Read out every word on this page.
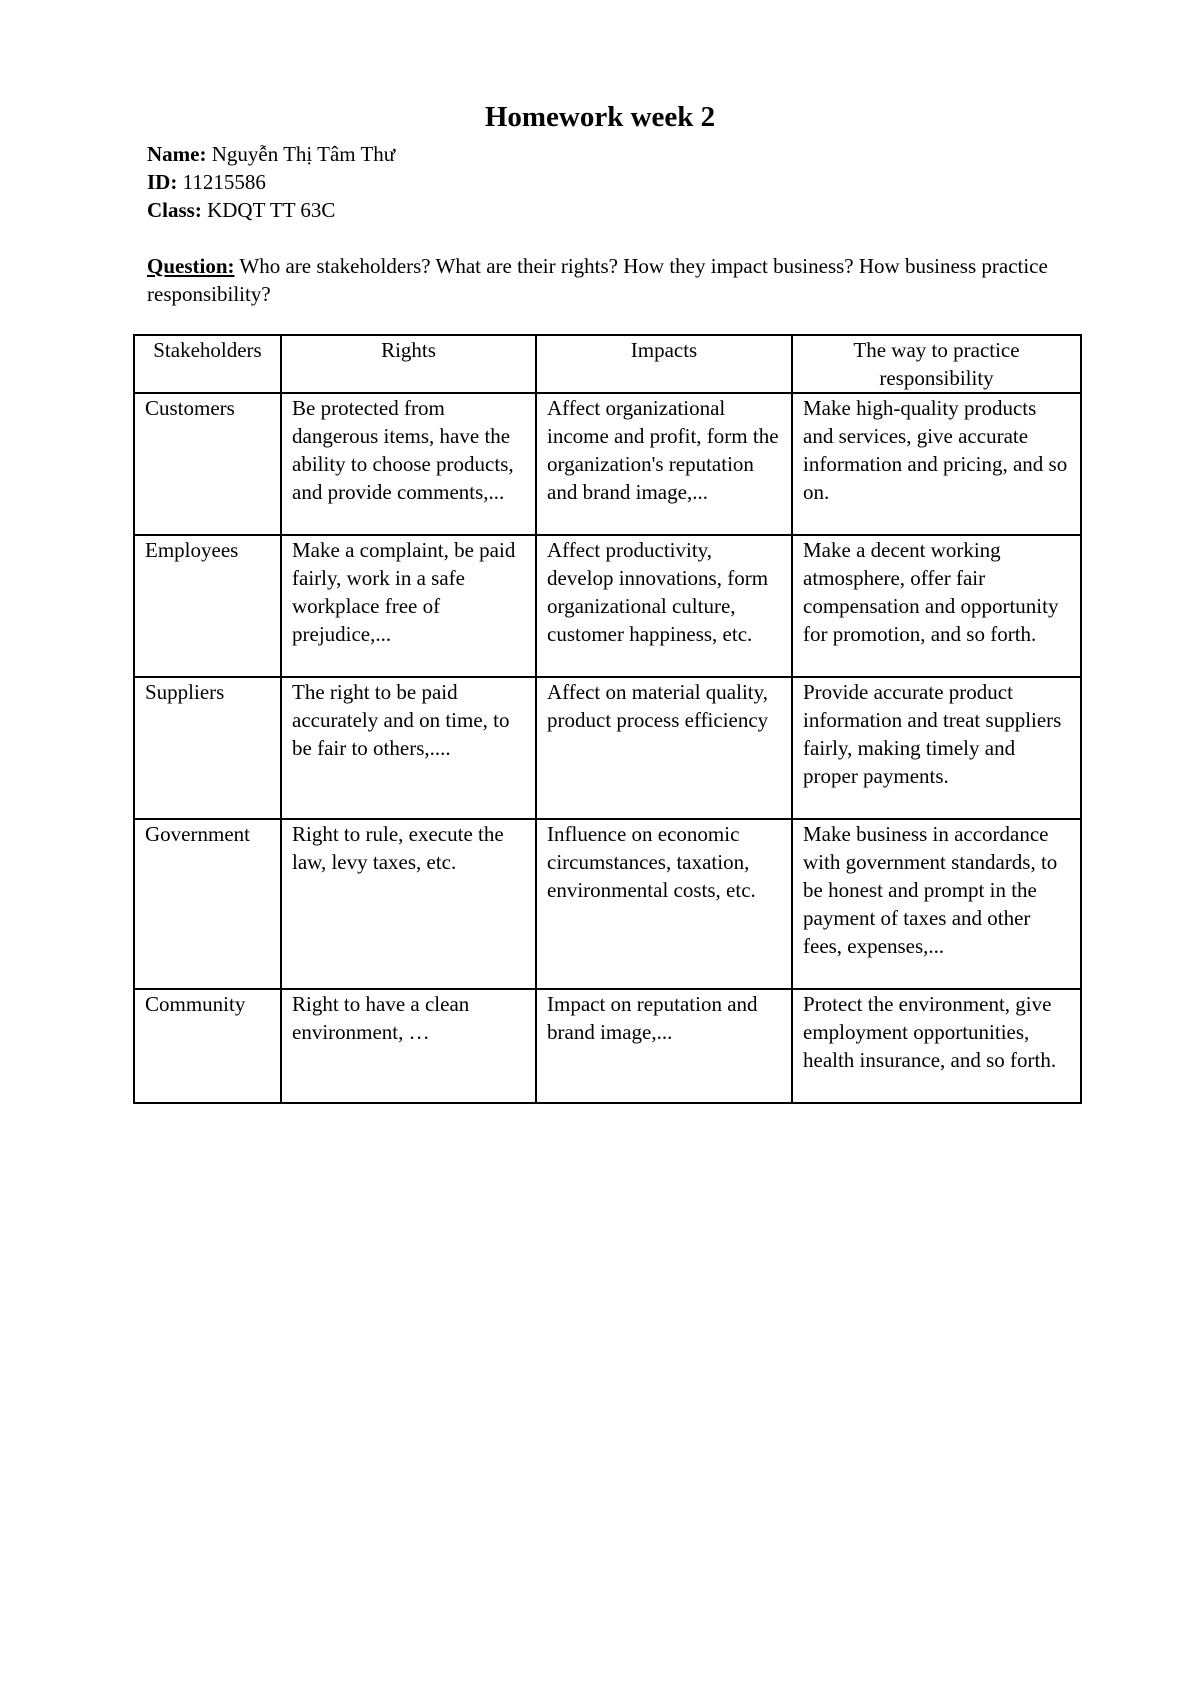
Homework week 2
Name: Nguyễn Thị Tâm Thư
ID: 11215586
Class: KDQT TT 63C
Question: Who are stakeholders? What are their rights? How they impact business? How business practice responsibility?
Stakeholders	Rights	Impacts	The way to practice responsibility
Customers	Be protected from dangerous items, have the ability to choose products, and provide comments,...	Affect organizational income and profit, form the organization's reputation and brand image,...	Make high-quality products and services, give accurate information and pricing, and so on.
Employees	Make a complaint, be paid fairly, work in a safe workplace free of prejudice,...	Affect productivity, develop innovations, form organizational culture, customer happiness, etc.	Make a decent working atmosphere, offer fair compensation and opportunity for promotion, and so forth.
Suppliers	The right to be paid accurately and on time, to be fair to others,....	Affect on material quality, product process efficiency	Provide accurate product information and treat suppliers fairly, making timely and proper payments.
Government	Right to rule, execute the law, levy taxes, etc.	Influence on economic circumstances, taxation, environmental costs, etc.	Make business in accordance with government standards, to be honest and prompt in the payment of taxes and other fees, expenses,...
Community	Right to have a clean environment, …	Impact on reputation and brand image,...	Protect the environment, give employment opportunities, health insurance, and so forth.
